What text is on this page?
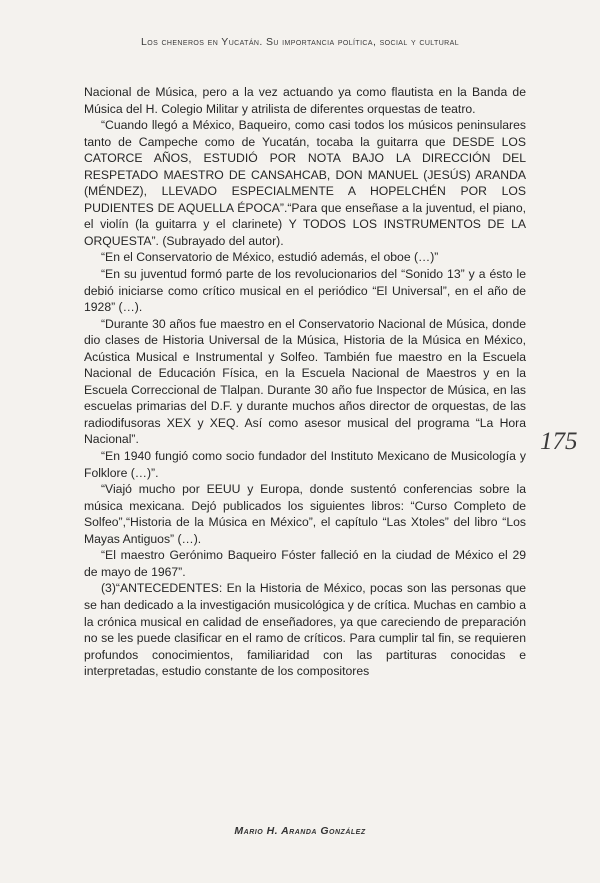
Los cheneros en Yucatán. Su importancia política, social y cultural

Nacional de Música, pero a la vez actuando ya como flautista en la Banda de Música del H. Colegio Militar y atrilista de diferentes orquestas de teatro.

“Cuando llegó a México, Baqueiro, como casi todos los músicos peninsulares tanto de Campeche como de Yucatán, tocaba la guitarra que DESDE LOS CATORCE AÑOS, ESTUDIÓ POR NOTA BAJO LA DIRECCIÓN DEL RESPETADO MAESTRO DE CANSAHCAB, DON MANUEL (JESÚS) ARANDA (MÉNDEZ), LLEVADO ESPECIALMENTE A HOPELCHÉN POR LOS PUDIENTES DE AQUELLA ÉPOCA”.“Para que enseñase a la juventud, el piano, el violín (la guitarra y el clarinete) Y TODOS LOS INSTRUMENTOS DE LA ORQUESTA”. (Subrayado del autor).

“En el Conservatorio de México, estudió además, el oboe (…)”

“En su juventud formó parte de los revolucionarios del “Sonido 13” y a ésto le debió iniciarse como crítico musical en el periódico “El Universal”, en el año de 1928” (…).

“Durante 30 años fue maestro en el Conservatorio Nacional de Música, donde dio clases de Historia Universal de la Música, Historia de la Música en México, Acústica Musical e Instrumental y Solfeo. También fue maestro en la Escuela Nacional de Educación Física, en la Escuela Nacional de Maestros y en la Escuela Correccional de Tlalpan. Durante 30 año fue Inspector de Música, en las escuelas primarias del D.F. y durante muchos años director de orquestas, de las radiodifusoras XEX y XEQ. Así como asesor musical del programa “La Hora Nacional”.

“En 1940 fungió como socio fundador del Instituto Mexicano de Musicología y Folklore (…)”.

“Viajó mucho por EEUU y Europa, donde sustentó conferencias sobre la música mexicana. Dejó publicados los siguientes libros: “Curso Completo de Solfeo”,“Historia de la Música en México”, el capítulo “Las Xtoles” del libro “Los Mayas Antiguos” (…).

“El maestro Gerónimo Baqueiro Fóster falleció en la ciudad de México el 29 de mayo de 1967”.

(3)“ANTECEDENTES: En la Historia de México, pocas son las personas que se han dedicado a la investigación musicológica y de crítica. Muchas en cambio a la crónica musical en calidad de enseñadores, ya que careciendo de preparación no se les puede clasificar en el ramo de críticos. Para cumplir tal fin, se requieren profundos conocimientos, familiaridad con las partituras conocidas e interpretadas, estudio constante de los compositores

175
Mario H. Aranda González
